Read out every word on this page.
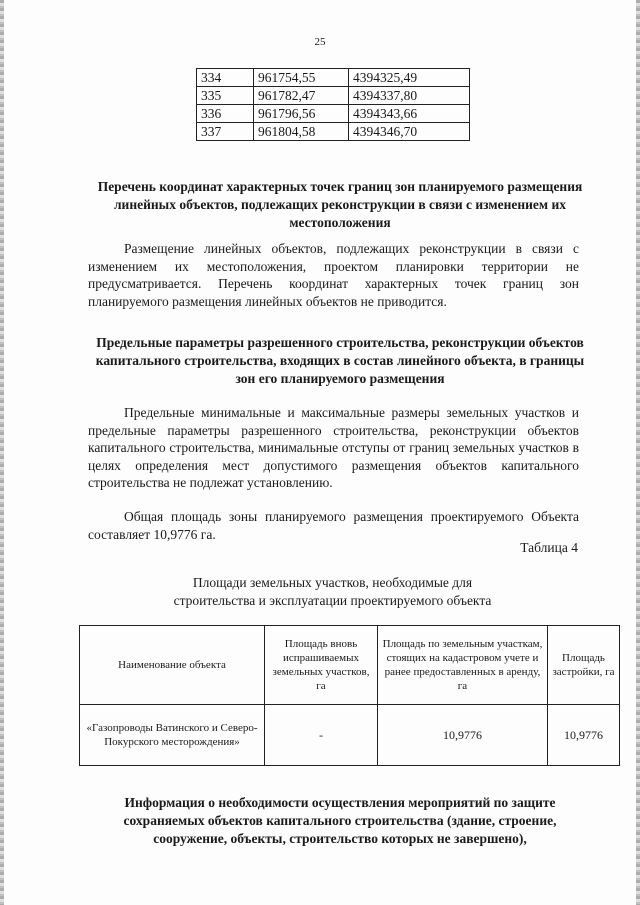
25
334	961754,55	4394325,49
335	961782,47	4394337,80
336	961796,56	4394343,66
337	961804,58	4394346,70
Перечень координат характерных точек границ зон планируемого размещения линейных объектов, подлежащих реконструкции в связи с изменением их местоположения
Размещение линейных объектов, подлежащих реконструкции в связи с изменением их местоположения, проектом планировки территории не предусматривается. Перечень координат характерных точек границ зон планируемого размещения линейных объектов не приводится.
Предельные параметры разрешенного строительства, реконструкции объектов капитального строительства, входящих в состав линейного объекта, в границы зон его планируемого размещения
Предельные минимальные и максимальные размеры земельных участков и предельные параметры разрешенного строительства, реконструкции объектов капитального строительства, минимальные отступы от границ земельных участков в целях определения мест допустимого размещения объектов капитального строительства не подлежат установлению.
Общая площадь зоны планируемого размещения проектируемого Объекта составляет 10,9776 га.
Таблица 4
Площади земельных участков, необходимые для
строительства и эксплуатации проектируемого объекта
Наименование объекта	Площадь вновь испрашиваемых земельных участков, га	Площадь по земельным участкам, стоящих на кадастровом учете и ранее предоставленных в аренду, га	Площадь застройки, га
«Газопроводы Ватинского и Северо-Покурского месторождения»	-	10,9776	10,9776
Информация о необходимости осуществления мероприятий по защите сохраняемых объектов капитального строительства (здание, строение, сооружение, объекты, строительство которых не завершено),
